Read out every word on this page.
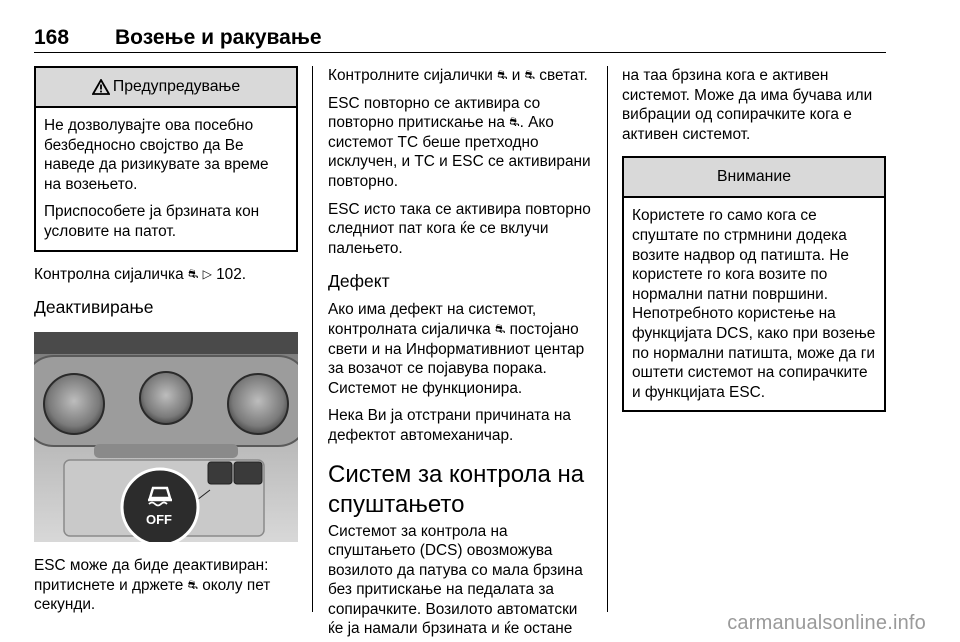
168 Возење и ракување
Предупредување

Не дозволувајте ова посебно безбедносно својство да Ве наведе да ризикувате за време на возењето.

Приспособете ја брзината кон условите на патот.

Контролна сијаличка ⛐ ▷ 102.

Деактивирање
OFF

ESC може да биде деактивиран: притиснете и држете ⛐ околу пет секунди.

Контролните сијалички ⛐ и ⛐ светат.

ESC повторно се активира со повторно притискање на ⛐. Ако системот TC беше претходно исклучен, и TC и ESC се активирани повторно.

ESC исто така се активира повторно следниот пат кога ќе се вклучи палењето.

Дефект

Ако има дефект на системот, контролната сијаличка ⛐ постојано свети и на Информативниот центар за возачот се појавува порака. Системот не функционира.

Нека Ви ја отстрани причината на дефектот автомеханичар.

Систем за контрола на спуштањето

Системот за контрола на спуштањето (DCS) овозможува возилото да патува со мала брзина без притискање на педалата за сопирачките. Возилото автоматски ќе ја намали брзината и ќе остане

на таа брзина кога е активен системот. Може да има бучава или вибрации од сопирачките кога е активен системот.

Внимание

Користете го само кога се спуштате по стрмнини додека возите надвор од патишта. Не користете го кога возите по нормални патни површини.

Непотребното користење на функцијата DCS, како при возење по нормални патишта, може да ги оштети системот на сопирачките и функцијата ESC.

carmanualsonline.info
